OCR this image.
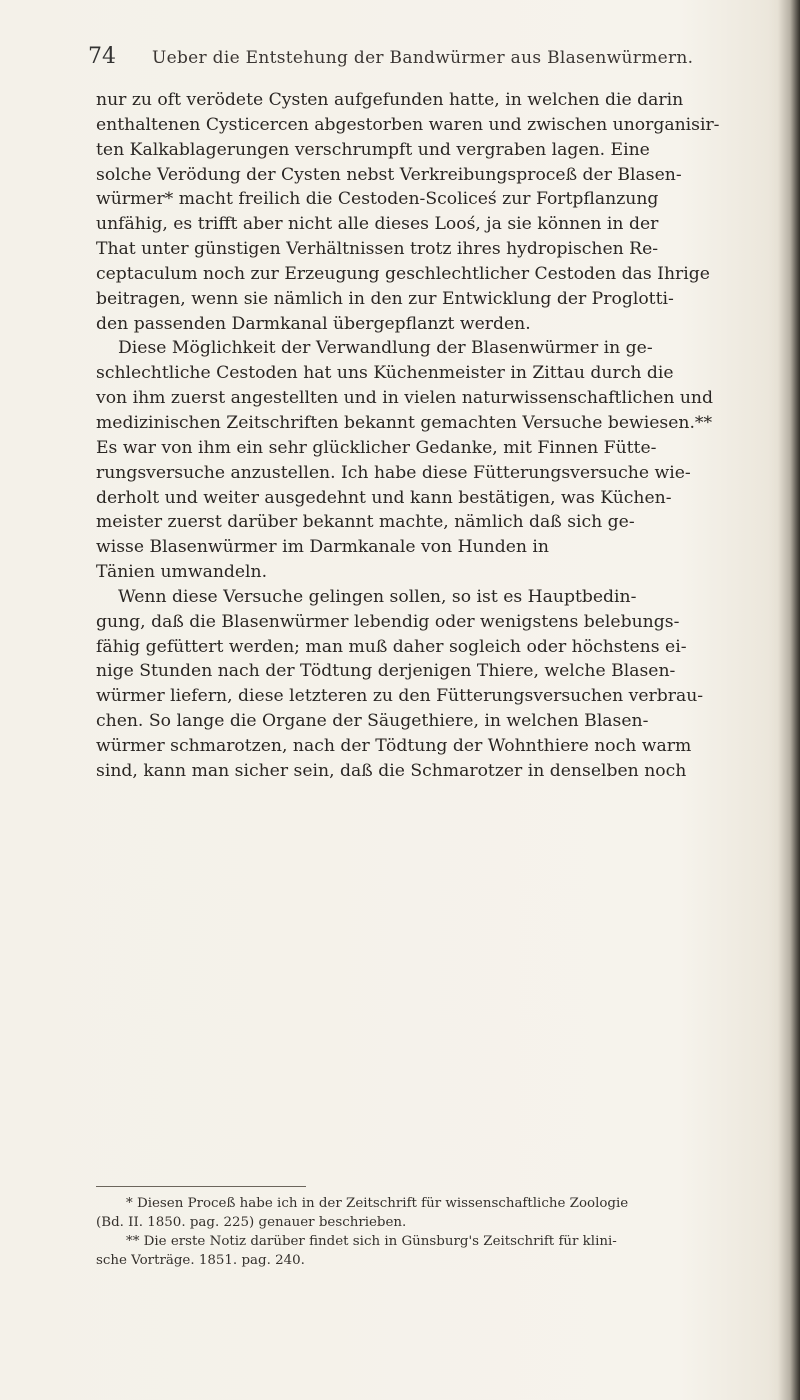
74 Ueber die Entstehung der Bandwürmer aus Blasenwürmern.

nur zu oft verödete Cysten aufgefunden hatte, in welchen die darin
enthaltenen Cysticercen abgestorben waren und zwischen unorganisir-
ten Kalkablagerungen verschrumpft und vergraben lagen. Eine
solche Verödung der Cysten nebst Verkreibungsproceß der Blasen-
würmer* macht freilich die Cestoden-Scoliceś zur Fortpflanzung
unfähig, es trifft aber nicht alle dieses Looś, ja sie können in der
That unter günstigen Verhältnissen trotz ihres hydropischen Re-
ceptaculum noch zur Erzeugung geschlechtlicher Cestoden das Ihrige
beitragen, wenn sie nämlich in den zur Entwicklung der Proglotti-
den passenden Darmkanal übergepflanzt werden.

Diese Möglichkeit der Verwandlung der Blasenwürmer in ge-
schlechtliche Cestoden hat uns Küchenmeister in Zittau durch die
von ihm zuerst angestellten und in vielen naturwissenschaftlichen und
medizinischen Zeitschriften bekannt gemachten Versuche bewiesen.**
Es war von ihm ein sehr glücklicher Gedanke, mit Finnen Fütte-
rungsversuche anzustellen. Ich habe diese Fütterungsversuche wie-
derholt und weiter ausgedehnt und kann bestätigen, was Küchen-
meister zuerst darüber bekannt machte, nämlich daß sich ge-
wisse Blasenwürmer im Darmkanale von Hunden in
Tänien umwandeln.

Wenn diese Versuche gelingen sollen, so ist es Hauptbedin-
gung, daß die Blasenwürmer lebendig oder wenigstens belebungs-
fähig gefüttert werden; man muß daher sogleich oder höchstens ei-
nige Stunden nach der Tödtung derjenigen Thiere, welche Blasen-
würmer liefern, diese letzteren zu den Fütterungsversuchen verbrau-
chen. So lange die Organe der Säugethiere, in welchen Blasen-
würmer schmarotzen, nach der Tödtung der Wohnthiere noch warm
sind, kann man sicher sein, daß die Schmarotzer in denselben noch

* Diesen Proceß habe ich in der Zeitschrift für wissenschaftliche Zoologie
(Bd. II. 1850. pag. 225) genauer beschrieben.
** Die erste Notiz darüber findet sich in Günsburg's Zeitschrift für klini-
sche Vorträge. 1851. pag. 240.
